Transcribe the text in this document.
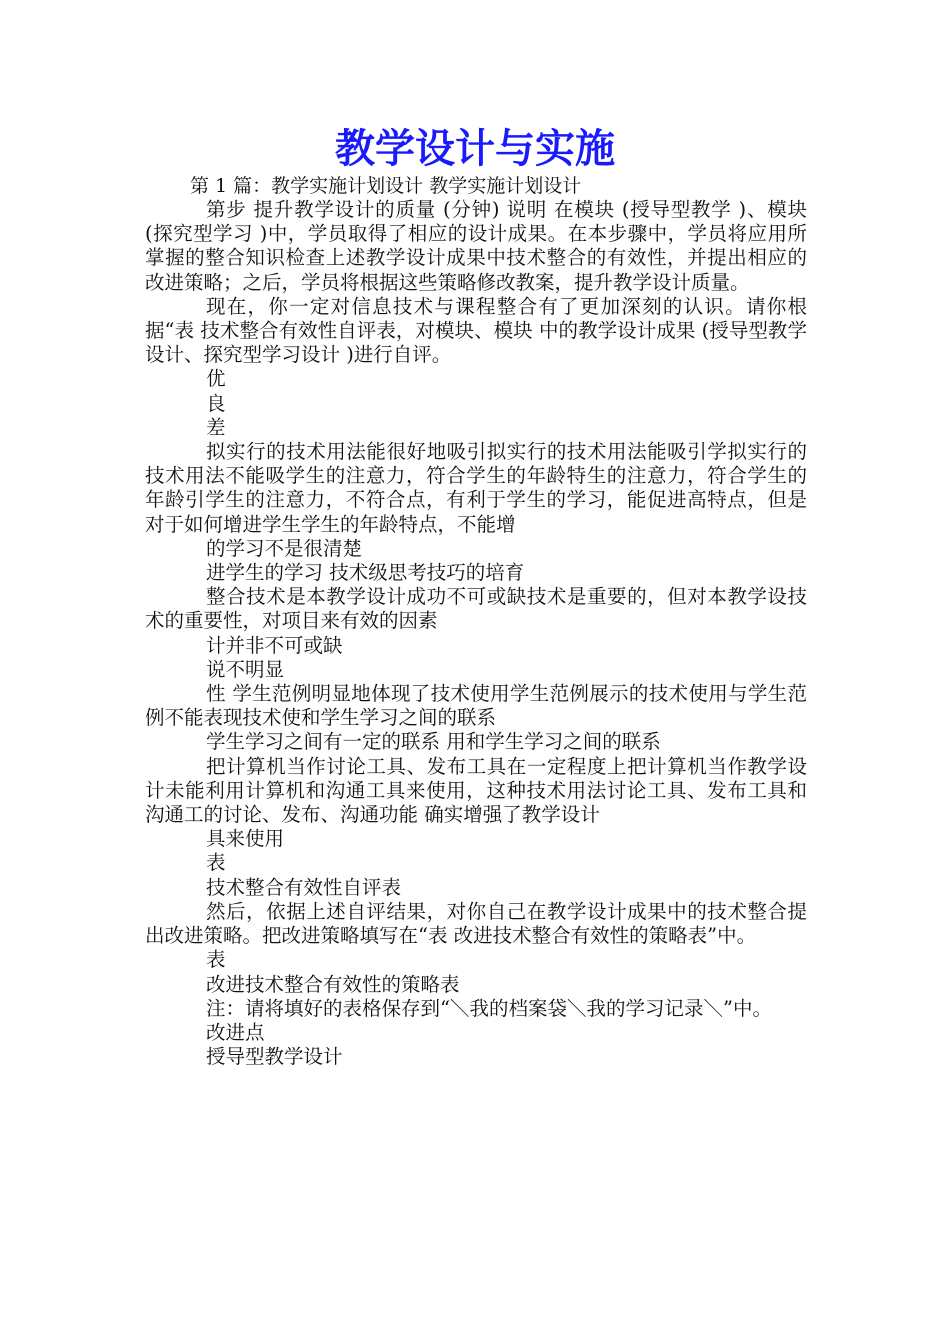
教学设计与实施
第 1 篇：教学实施计划设计 教学实施计划设计

第步 提升教学设计的质量 (分钟) 说明 在模块 (授导型教学 )、模块 (探究型学习 )中，学员取得了相应的设计成果。在本步骤中，学员将应用所掌握的整合知识检查上述教学设计成果中技术整合的有效性，并提出相应的改进策略；之后，学员将根据这些策略修改教案，提升教学设计质量。

现在，你一定对信息技术与课程整合有了更加深刻的认识。请你根据“表 技术整合有效性自评表，对模块、模块 中的教学设计成果 (授导型教学设计、探究型学习设计 )进行自评。

优

良

差

拟实行的技术用法能很好地吸引拟实行的技术用法能吸引学拟实行的技术用法不能吸学生的注意力，符合学生的年龄特生的注意力，符合学生的年龄引学生的注意力，不符合点，有利于学生的学习，能促进高特点，但是对于如何增进学生学生的年龄特点，不能增

的学习不是很清楚

进学生的学习 技术级思考技巧的培育

整合技术是本教学设计成功不可或缺技术是重要的，但对本教学设技术的重要性，对项目来有效的因素

计并非不可或缺

说不明显

性 学生范例明显地体现了技术使用学生范例展示的技术使用与学生范例不能表现技术使和学生学习之间的联系

学生学习之间有一定的联系 用和学生学习之间的联系

把计算机当作讨论工具、发布工具在一定程度上把计算机当作教学设计未能利用计算机和沟通工具来使用，这种技术用法讨论工具、发布工具和沟通工的讨论、发布、沟通功能 确实增强了教学设计

具来使用

表

技术整合有效性自评表

然后，依据上述自评结果，对你自己在教学设计成果中的技术整合提出改进策略。把改进策略填写在“表 改进技术整合有效性的策略表”中。

表

改进技术整合有效性的策略表

注：请将填好的表格保存到“＼我的档案袋＼我的学习记录＼”中。

改进点

授导型教学设计
